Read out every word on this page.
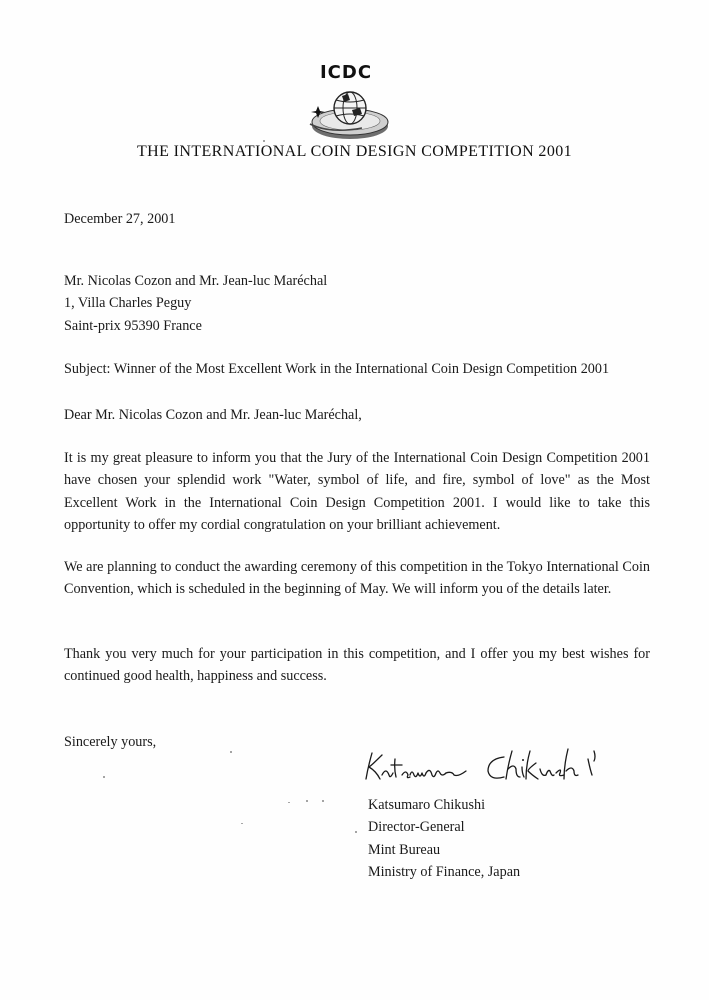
ICDC
THE INTERNATIONAL COIN DESIGN COMPETITION 2001
December 27, 2001
Mr. Nicolas Cozon and Mr. Jean-luc Maréchal
1, Villa Charles Peguy
Saint-prix 95390 France
Subject: Winner of the Most Excellent Work in the International Coin Design Competition 2001
Dear Mr. Nicolas Cozon and Mr. Jean-luc Maréchal,
It is my great pleasure to inform you that the Jury of the International Coin Design Competition 2001 have chosen your splendid work "Water, symbol of life, and fire, symbol of love" as the Most Excellent Work in the International Coin Design Competition 2001. I would like to take this opportunity to offer my cordial congratulation on your brilliant achievement.
We are planning to conduct the awarding ceremony of this competition in the Tokyo International Coin Convention, which is scheduled in the beginning of May. We will inform you of the details later.
Thank you very much for your participation in this competition, and I offer you my best wishes for continued good health, happiness and success.
Sincerely yours,
Katsumaro Chikushi
Director-General
Mint Bureau
Ministry of Finance, Japan
